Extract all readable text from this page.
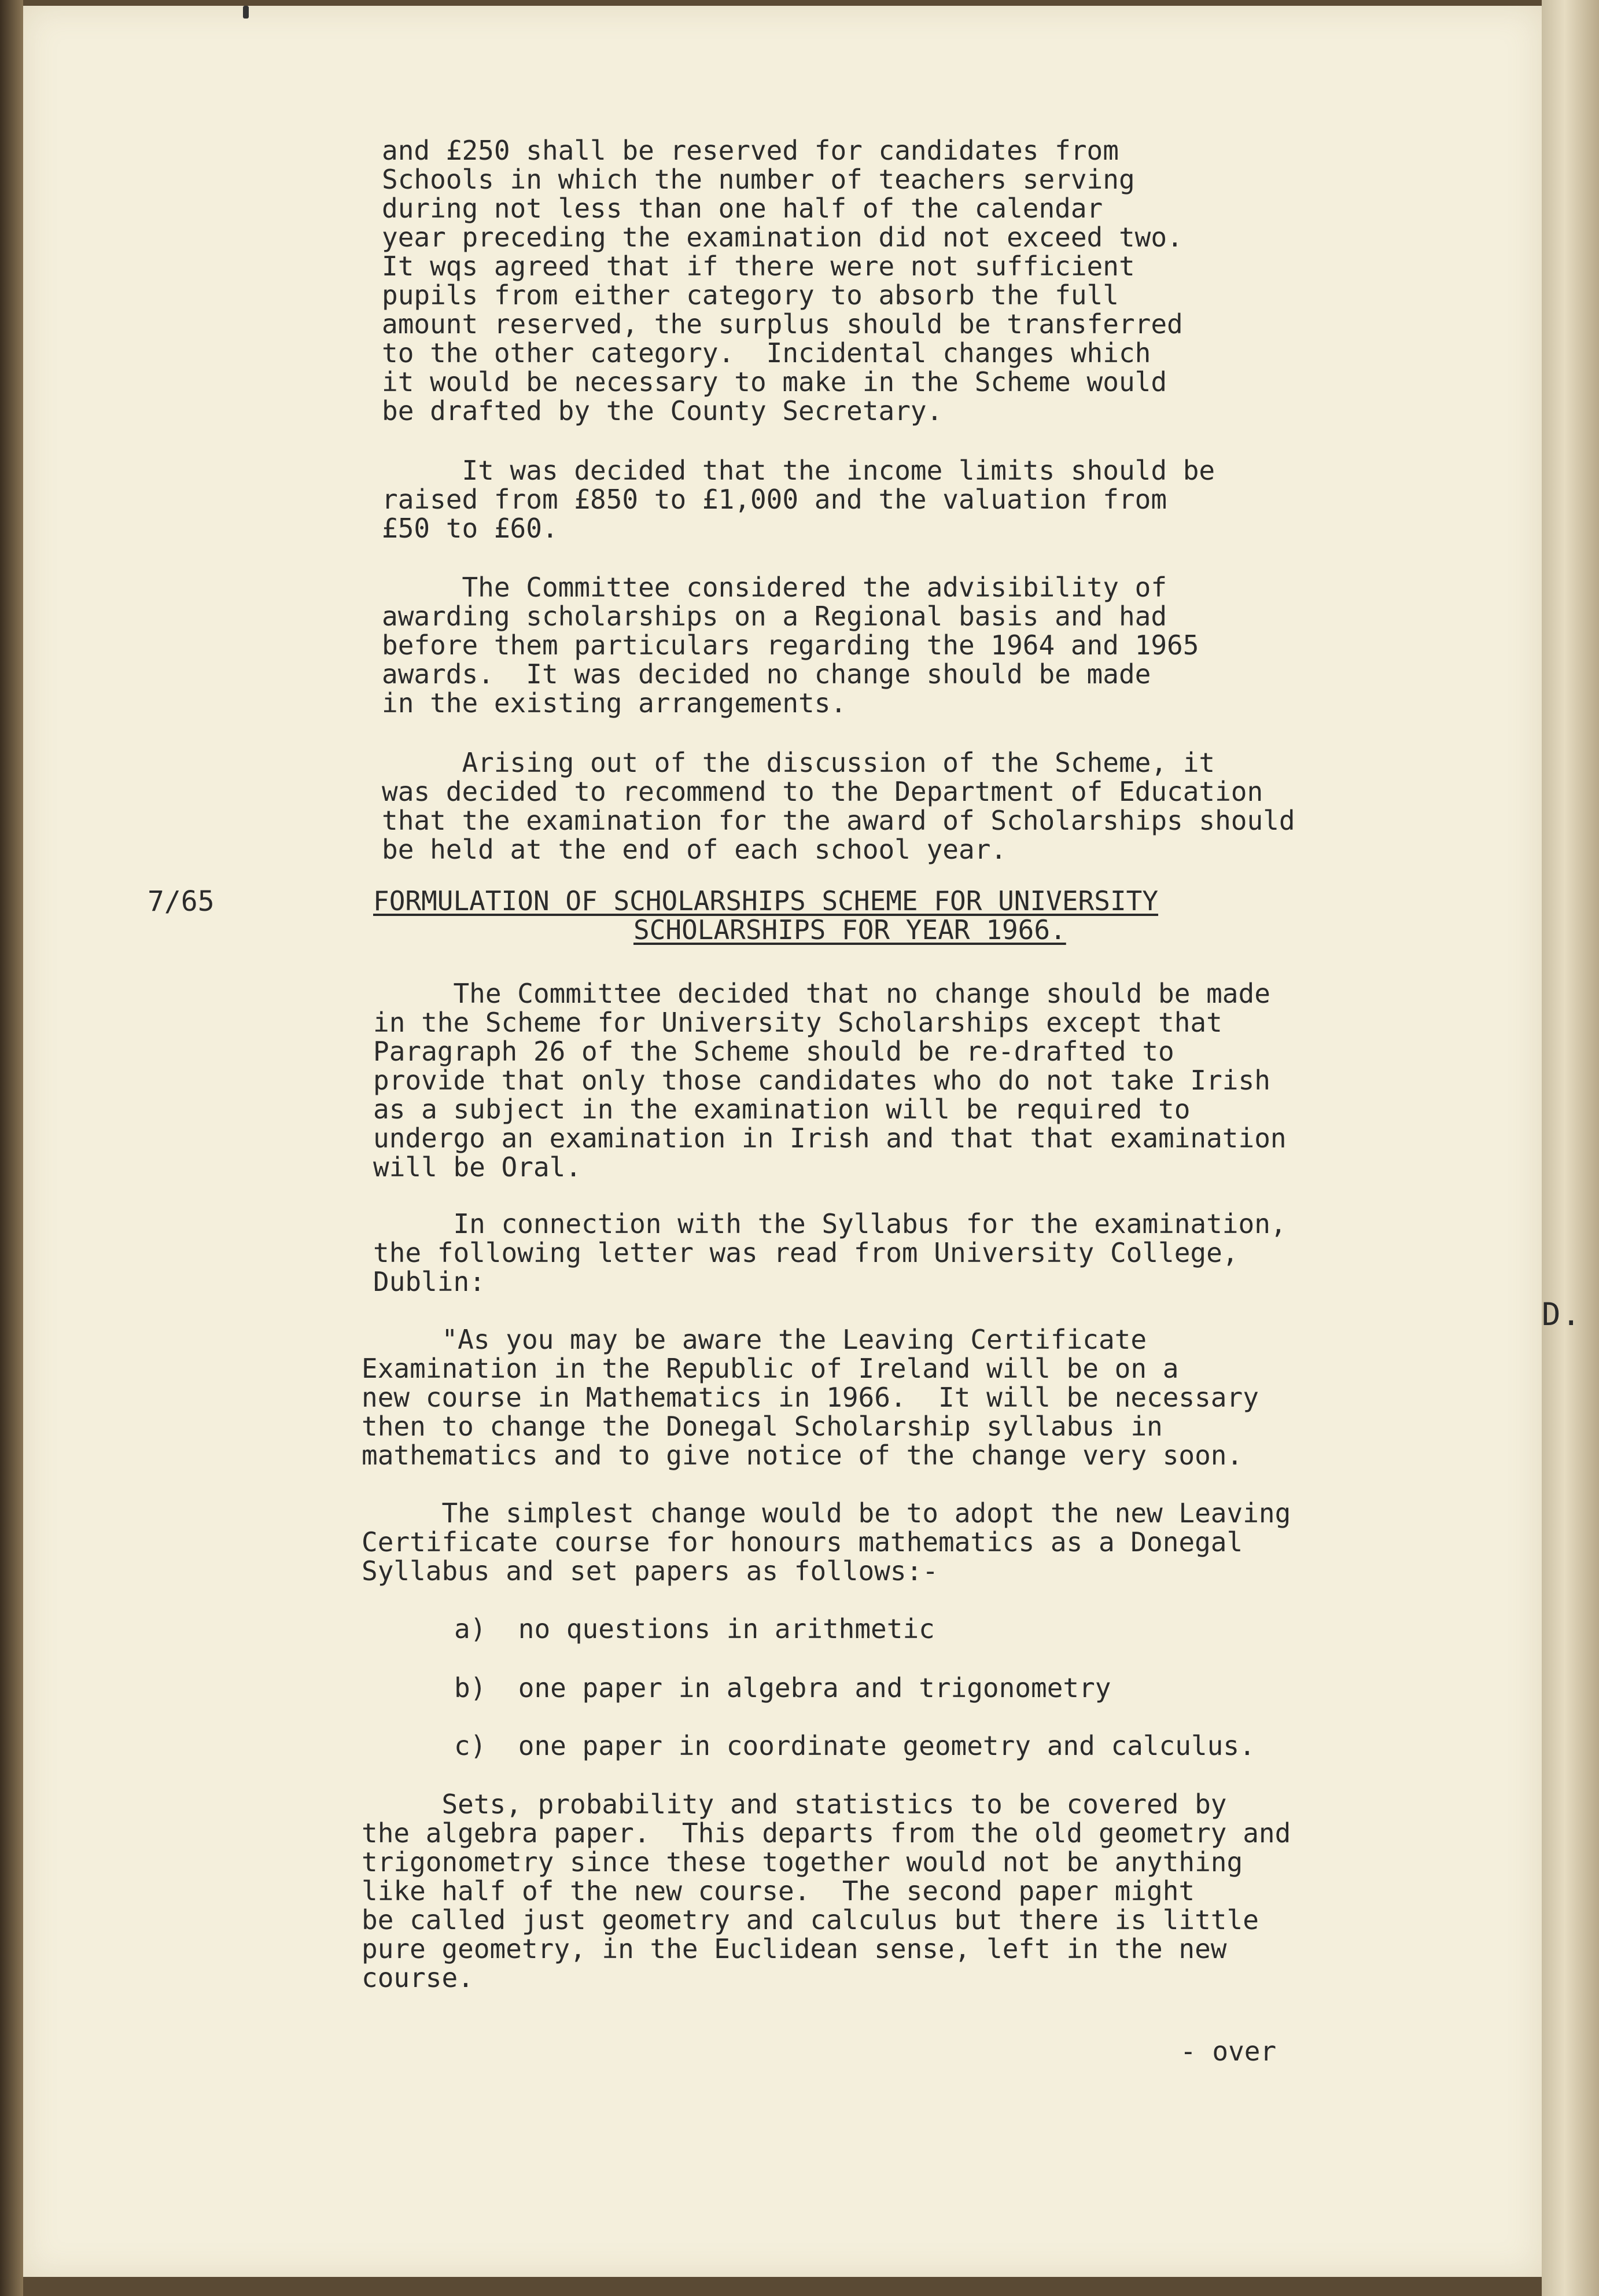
D.

and £250 shall be reserved for candidates from
Schools in which the number of teachers serving
during not less than one half of the calendar
year preceding the examination did not exceed two.
It wqs agreed that if there were not sufficient
pupils from either category to absorb the full
amount reserved, the surplus should be transferred
to the other category.  Incidental changes which
it would be necessary to make in the Scheme would
be drafted by the County Secretary.

It was decided that the income limits should be
raised from £850 to £1,000 and the valuation from
£50 to £60.

The Committee considered the advisibility of
awarding scholarships on a Regional basis and had
before them particulars regarding the 1964 and 1965
awards.  It was decided no change should be made
in the existing arrangements.

Arising out of the discussion of the Scheme, it
was decided to recommend to the Department of Education
that the examination for the award of Scholarships should
be held at the end of each school year.

7/65	FORMULATION OF SCHOLARSHIPS SCHEME FOR UNIVERSITY
SCHOLARSHIPS FOR YEAR 1966.

The Committee decided that no change should be made
in the Scheme for University Scholarships except that
Paragraph 26 of the Scheme should be re-drafted to
provide that only those candidates who do not take Irish
as a subject in the examination will be required to
undergo an examination in Irish and that that examination
will be Oral.

In connection with the Syllabus for the examination,
the following letter was read from University College,
Dublin:

"As you may be aware the Leaving Certificate
Examination in the Republic of Ireland will be on a
new course in Mathematics in 1966.  It will be necessary
then to change the Donegal Scholarship syllabus in
mathematics and to give notice of the change very soon.

The simplest change would be to adopt the new Leaving
Certificate course for honours mathematics as a Donegal
Syllabus and set papers as follows:-

a) no questions in arithmetic
b) one paper in algebra and trigonometry
c) one paper in coordinate geometry and calculus.

Sets, probability and statistics to be covered by
the algebra paper.  This departs from the old geometry and
trigonometry since these together would not be anything
like half of the new course.  The second paper might
be called just geometry and calculus but there is little
pure geometry, in the Euclidean sense, left in the new
course.

- over
